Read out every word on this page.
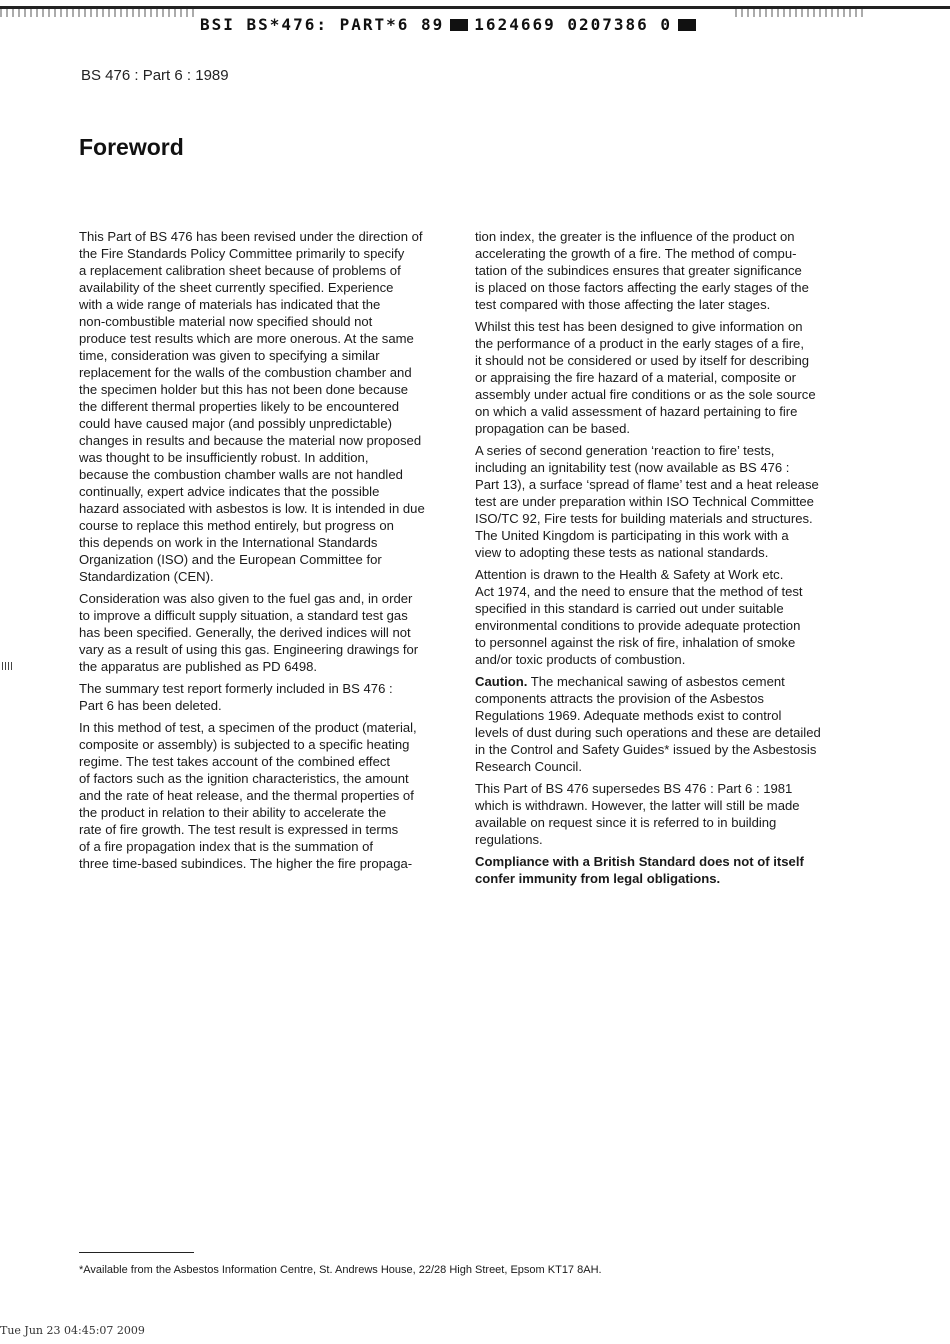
BSI BS*476: PART*6 89 1624669 0207386 0
BS 476 : Part 6 : 1989
Foreword

This Part of BS 476 has been revised under the direction of
the Fire Standards Policy Committee primarily to specify
a replacement calibration sheet because of problems of
availability of the sheet currently specified. Experience
with a wide range of materials has indicated that the
non-combustible material now specified should not
produce test results which are more onerous. At the same
time, consideration was given to specifying a similar
replacement for the walls of the combustion chamber and
the specimen holder but this has not been done because
the different thermal properties likely to be encountered
could have caused major (and possibly unpredictable)
changes in results and because the material now proposed
was thought to be insufficiently robust. In addition,
because the combustion chamber walls are not handled
continually, expert advice indicates that the possible
hazard associated with asbestos is low. It is intended in due
course to replace this method entirely, but progress on
this depends on work in the International Standards
Organization (ISO) and the European Committee for
Standardization (CEN).

Consideration was also given to the fuel gas and, in order
to improve a difficult supply situation, a standard test gas
has been specified. Generally, the derived indices will not
vary as a result of using this gas. Engineering drawings for
the apparatus are published as PD 6498.

The summary test report formerly included in BS 476 :
Part 6 has been deleted.

In this method of test, a specimen of the product (material,
composite or assembly) is subjected to a specific heating
regime. The test takes account of the combined effect
of factors such as the ignition characteristics, the amount
and the rate of heat release, and the thermal properties of
the product in relation to their ability to accelerate the
rate of fire growth. The test result is expressed in terms
of a fire propagation index that is the summation of
three time-based subindices. The higher the fire propaga-

tion index, the greater is the influence of the product on
accelerating the growth of a fire. The method of compu-
tation of the subindices ensures that greater significance
is placed on those factors affecting the early stages of the
test compared with those affecting the later stages.

Whilst this test has been designed to give information on
the performance of a product in the early stages of a fire,
it should not be considered or used by itself for describing
or appraising the fire hazard of a material, composite or
assembly under actual fire conditions or as the sole source
on which a valid assessment of hazard pertaining to fire
propagation can be based.

A series of second generation ‘reaction to fire’ tests,
including an ignitability test (now available as BS 476 :
Part 13), a surface ‘spread of flame’ test and a heat release
test are under preparation within ISO Technical Committee
ISO/TC 92, Fire tests for building materials and structures.
The United Kingdom is participating in this work with a
view to adopting these tests as national standards.

Attention is drawn to the Health & Safety at Work etc.
Act 1974, and the need to ensure that the method of test
specified in this standard is carried out under suitable
environmental conditions to provide adequate protection
to personnel against the risk of fire, inhalation of smoke
and/or toxic products of combustion.

Caution. The mechanical sawing of asbestos cement
components attracts the provision of the Asbestos
Regulations 1969. Adequate methods exist to control
levels of dust during such operations and these are detailed
in the Control and Safety Guides* issued by the Asbestosis
Research Council.

This Part of BS 476 supersedes BS 476 : Part 6 : 1981
which is withdrawn. However, the latter will still be made
available on request since it is referred to in building
regulations.

Compliance with a British Standard does not of itself
confer immunity from legal obligations.

*Available from the Asbestos Information Centre, St. Andrews House, 22/28 High Street, Epsom KT17 8AH.
Tue Jun 23 04:45:07 2009
